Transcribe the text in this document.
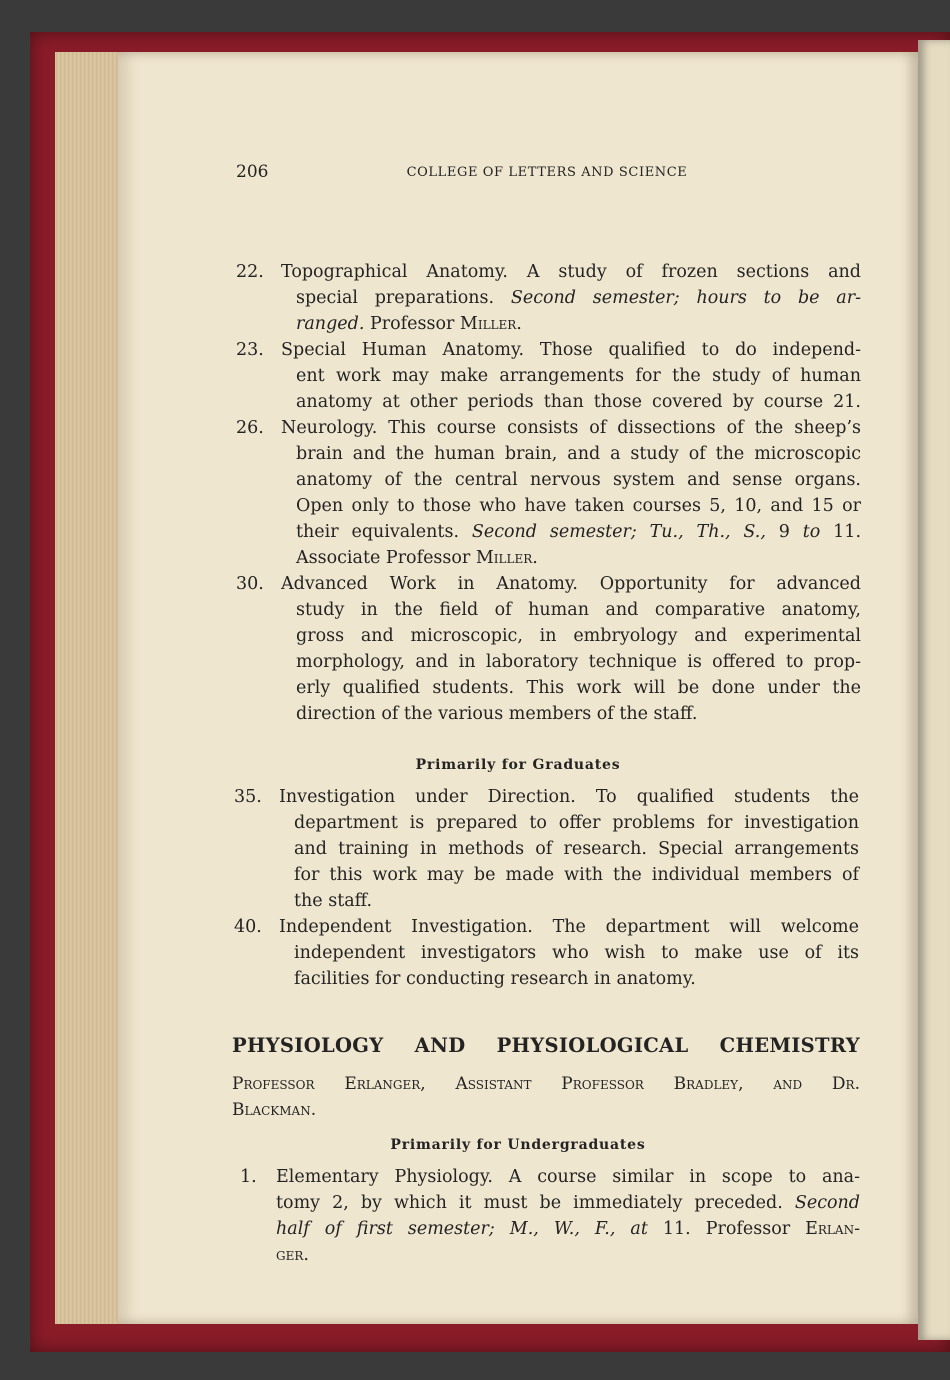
206	COLLEGE OF LETTERS AND SCIENCE
22. Topographical Anatomy. A study of frozen sections and
special preparations. Second semester; hours to be ar-
ranged. Professor Miller.
23. Special Human Anatomy. Those qualified to do independ-
ent work may make arrangements for the study of human
anatomy at other periods than those covered by course 21.
26. Neurology. This course consists of dissections of the sheep’s
brain and the human brain, and a study of the microscopic
anatomy of the central nervous system and sense organs.
Open only to those who have taken courses 5, 10, and 15 or
their equivalents. Second semester; Tu., Th., S., 9 to 11.
Associate Professor Miller.
30. Advanced Work in Anatomy. Opportunity for advanced
study in the field of human and comparative anatomy,
gross and microscopic, in embryology and experimental
morphology, and in laboratory technique is offered to prop-
erly qualified students. This work will be done under the
direction of the various members of the staff.
Primarily for Graduates
35. Investigation under Direction. To qualified students the
department is prepared to offer problems for investigation
and training in methods of research. Special arrangements
for this work may be made with the individual members of
the staff.
40. Independent Investigation. The department will welcome
independent investigators who wish to make use of its
facilities for conducting research in anatomy.
PHYSIOLOGY AND PHYSIOLOGICAL CHEMISTRY
Professor Erlanger, Assistant Professor Bradley, and Dr.
Blackman.
Primarily for Undergraduates
1. Elementary Physiology. A course similar in scope to ana-
tomy 2, by which it must be immediately preceded. Second
half of first semester; M., W., F., at 11. Professor Erlan-
ger.
